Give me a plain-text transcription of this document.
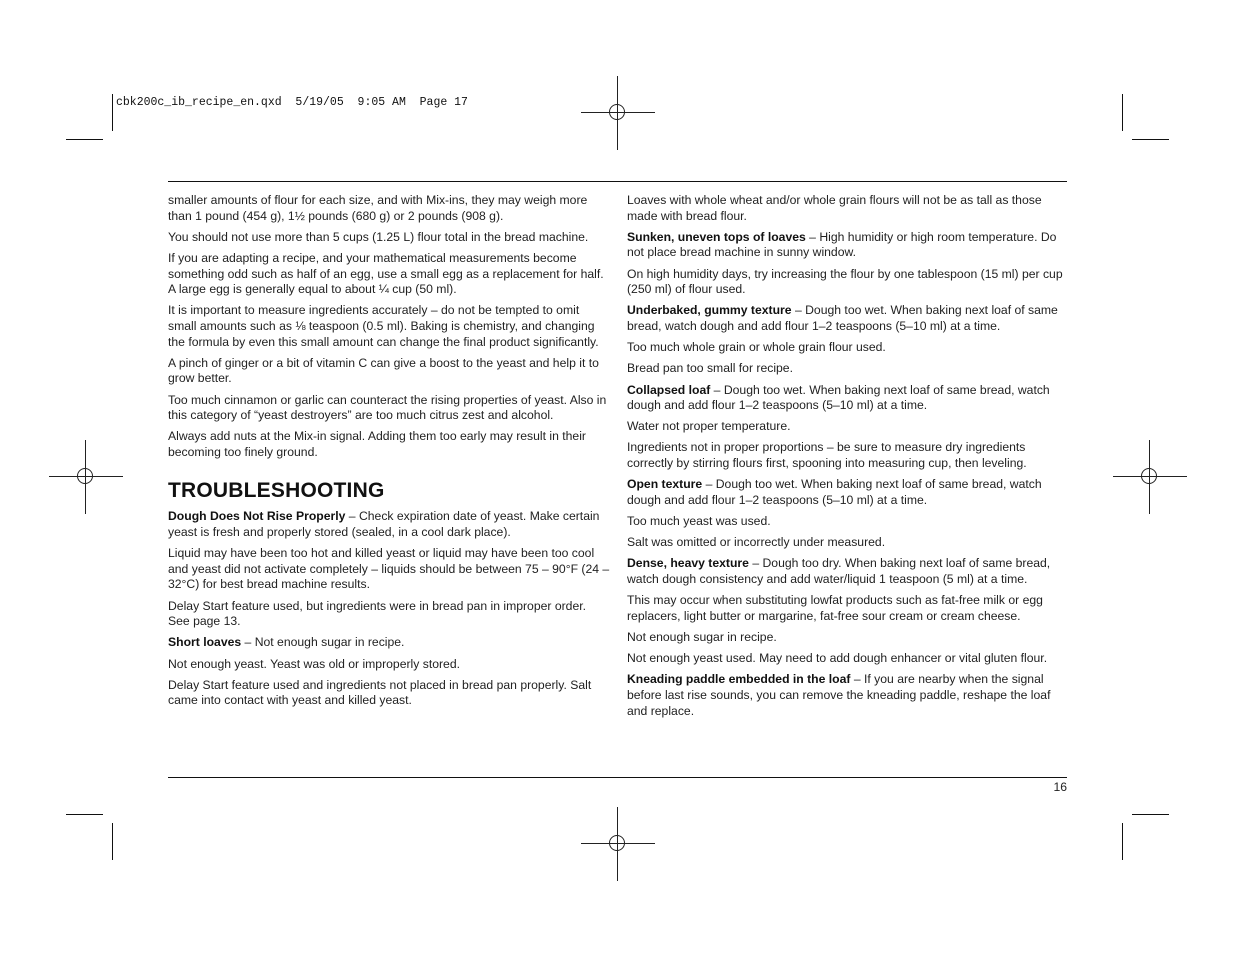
cbk200c_ib_recipe_en.qxd  5/19/05  9:05 AM  Page 17

smaller amounts of flour for each size, and with Mix-ins, they may weigh more than 1 pound (454 g), 1½ pounds (680 g) or 2 pounds (908 g).

You should not use more than 5 cups (1.25 L) flour total in the bread machine.

If you are adapting a recipe, and your mathematical measurements become something odd such as half of an egg, use a small egg as a replacement for half. A large egg is generally equal to about ¼ cup (50 ml).

It is important to measure ingredients accurately – do not be tempted to omit small amounts such as ⅛ teaspoon (0.5 ml). Baking is chemistry, and changing the formula by even this small amount can change the final product significantly.

A pinch of ginger or a bit of vitamin C can give a boost to the yeast and help it to grow better.

Too much cinnamon or garlic can counteract the rising properties of yeast. Also in this category of “yeast destroyers” are too much citrus zest and alcohol.

Always add nuts at the Mix-in signal. Adding them too early may result in their becoming too finely ground.

TROUBLESHOOTING

Dough Does Not Rise Properly – Check expiration date of yeast. Make certain yeast is fresh and properly stored (sealed, in a cool dark place).

Liquid may have been too hot and killed yeast or liquid may have been too cool and yeast did not activate completely – liquids should be between 75 – 90°F (24 – 32°C) for best bread machine results.

Delay Start feature used, but ingredients were in bread pan in improper order. See page 13.

Short loaves – Not enough sugar in recipe.

Not enough yeast. Yeast was old or improperly stored.

Delay Start feature used and ingredients not placed in bread pan properly. Salt came into contact with yeast and killed yeast.

Loaves with whole wheat and/or whole grain flours will not be as tall as those made with bread flour.

Sunken, uneven tops of loaves – High humidity or high room temperature. Do not place bread machine in sunny window.

On high humidity days, try increasing the flour by one tablespoon (15 ml) per cup (250 ml) of flour used.

Underbaked, gummy texture – Dough too wet. When baking next loaf of same bread, watch dough and add flour 1–2 teaspoons (5–10 ml) at a time.

Too much whole grain or whole grain flour used.

Bread pan too small for recipe.

Collapsed loaf – Dough too wet. When baking next loaf of same bread, watch dough and add flour 1–2 teaspoons (5–10 ml) at a time.

Water not proper temperature.

Ingredients not in proper proportions – be sure to measure dry ingredients correctly by stirring flours first, spooning into measuring cup, then leveling.

Open texture – Dough too wet. When baking next loaf of same bread, watch dough and add flour 1–2 teaspoons (5–10 ml) at a time.

Too much yeast was used.

Salt was omitted or incorrectly under measured.

Dense, heavy texture – Dough too dry. When baking next loaf of same bread, watch dough consistency and add water/liquid 1 teaspoon (5 ml) at a time.

This may occur when substituting lowfat products such as fat-free milk or egg replacers, light butter or margarine, fat-free sour cream or cream cheese.

Not enough sugar in recipe.

Not enough yeast used. May need to add dough enhancer or vital gluten flour.

Kneading paddle embedded in the loaf – If you are nearby when the signal before last rise sounds, you can remove the kneading paddle, reshape the loaf and replace.

16
